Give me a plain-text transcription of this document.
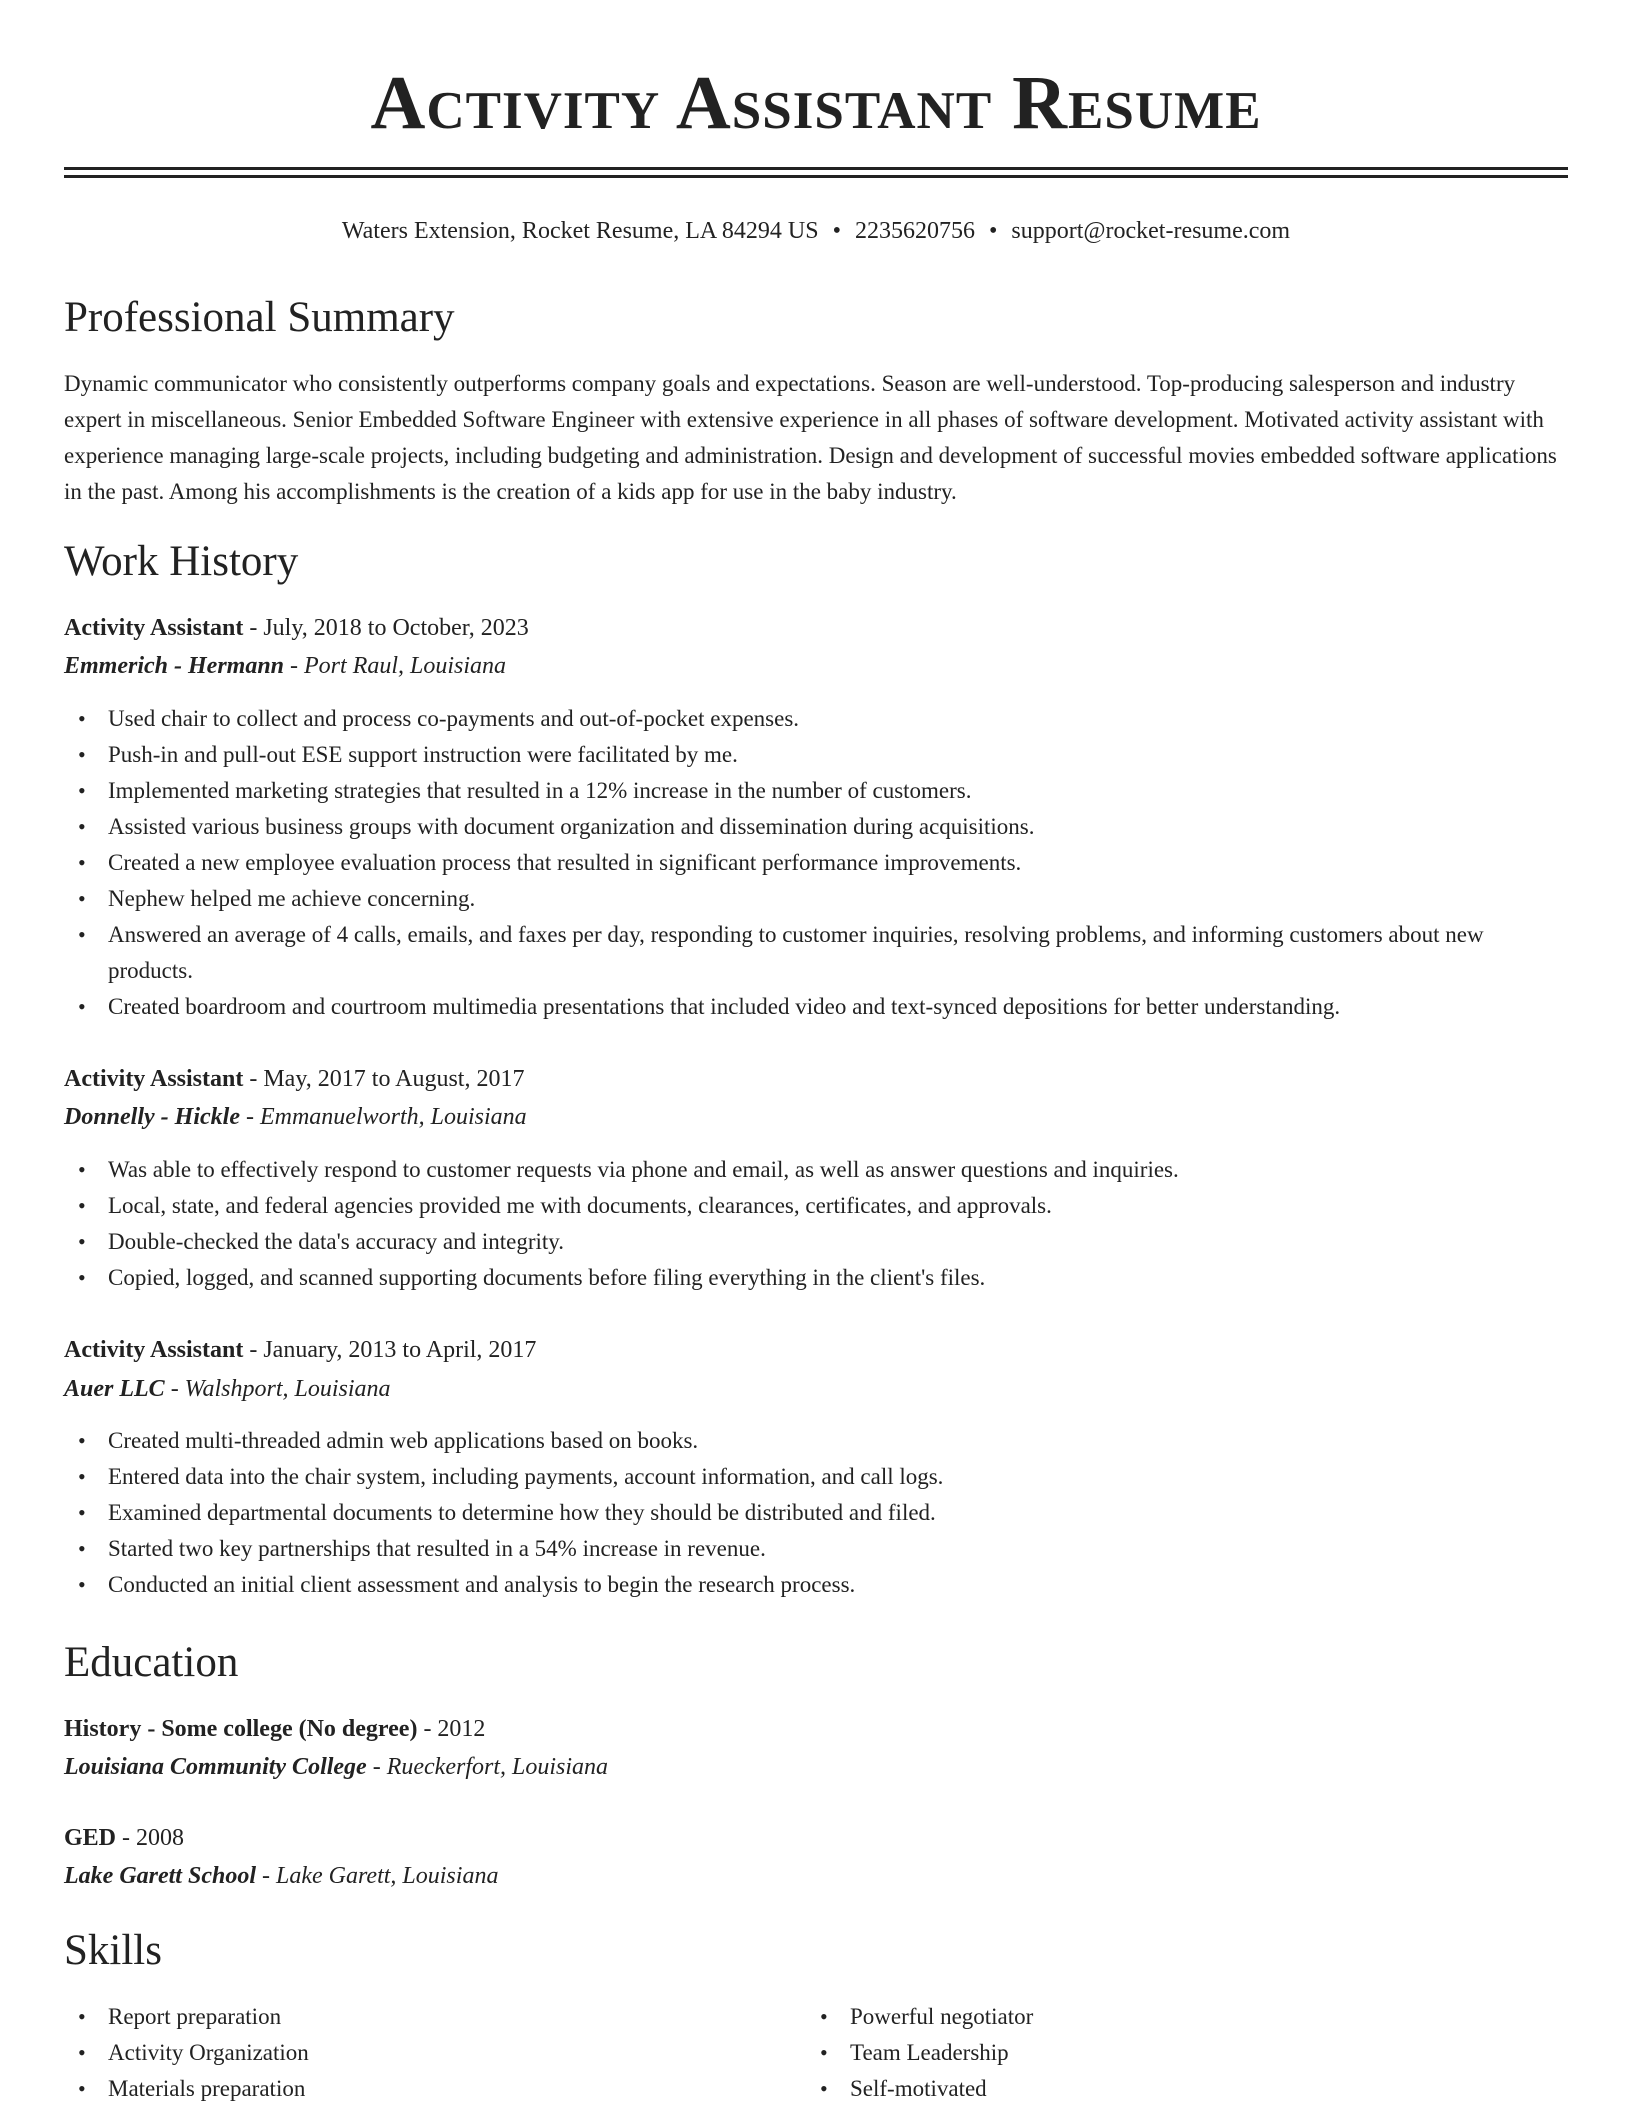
Activity Assistant Resume
Waters Extension, Rocket Resume, LA 84294 US • 2235620756 • support@rocket-resume.com
Professional Summary

Dynamic communicator who consistently outperforms company goals and expectations. Season are well-understood. Top-producing salesperson and industry expert in miscellaneous. Senior Embedded Software Engineer with extensive experience in all phases of software development. Motivated activity assistant with experience managing large-scale projects, including budgeting and administration. Design and development of successful movies embedded software applications in the past. Among his accomplishments is the creation of a kids app for use in the baby industry.

Work History
Activity Assistant - July, 2018 to October, 2023
Emmerich - Hermann - Port Raul, Louisiana
• Used chair to collect and process co-payments and out-of-pocket expenses.
• Push-in and pull-out ESE support instruction were facilitated by me.
• Implemented marketing strategies that resulted in a 12% increase in the number of customers.
• Assisted various business groups with document organization and dissemination during acquisitions.
• Created a new employee evaluation process that resulted in significant performance improvements.
• Nephew helped me achieve concerning.
• Answered an average of 4 calls, emails, and faxes per day, responding to customer inquiries, resolving problems, and informing customers about new products.
• Created boardroom and courtroom multimedia presentations that included video and text-synced depositions for better understanding.
Activity Assistant - May, 2017 to August, 2017
Donnelly - Hickle - Emmanuelworth, Louisiana
• Was able to effectively respond to customer requests via phone and email, as well as answer questions and inquiries.
• Local, state, and federal agencies provided me with documents, clearances, certificates, and approvals.
• Double-checked the data's accuracy and integrity.
• Copied, logged, and scanned supporting documents before filing everything in the client's files.
Activity Assistant - January, 2013 to April, 2017
Auer LLC - Walshport, Louisiana
• Created multi-threaded admin web applications based on books.
• Entered data into the chair system, including payments, account information, and call logs.
• Examined departmental documents to determine how they should be distributed and filed.
• Started two key partnerships that resulted in a 54% increase in revenue.
• Conducted an initial client assessment and analysis to begin the research process.
Education
History - Some college (No degree) - 2012
Louisiana Community College - Rueckerfort, Louisiana
GED - 2008
Lake Garett School - Lake Garett, Louisiana
Skills
• Report preparation
• Activity Organization
• Materials preparation
• Powerful negotiator
• Team Leadership
• Self-motivated
